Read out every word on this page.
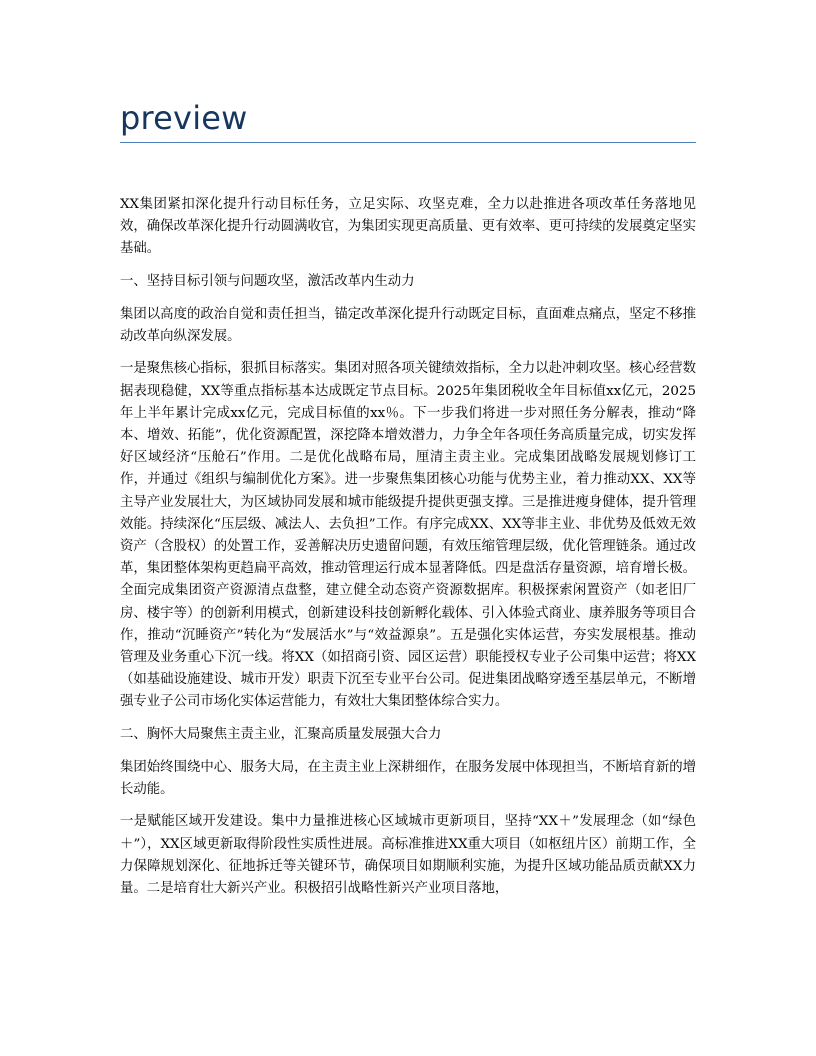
preview

XX集团紧扣深化提升行动目标任务，立足实际、攻坚克难，全力以赴推进各项改革任务落地见效，确保改革深化提升行动圆满收官，为集团实现更高质量、更有效率、更可持续的发展奠定坚实基础。

一、坚持目标引领与问题攻坚，激活改革内生动力

集团以高度的政治自觉和责任担当，锚定改革深化提升行动既定目标，直面难点痛点，坚定不移推动改革向纵深发展。

一是聚焦核心指标，狠抓目标落实。集团对照各项关键绩效指标，全力以赴冲刺攻坚。核心经营数据表现稳健，XX等重点指标基本达成既定节点目标。2025年集团税收全年目标值xx亿元，2025年上半年累计完成xx亿元，完成目标值的xx％。下一步我们将进一步对照任务分解表，推动“降本、增效、拓能”，优化资源配置，深挖降本增效潜力，力争全年各项任务高质量完成，切实发挥好区域经济“压舱石”作用。二是优化战略布局，厘清主责主业。完成集团战略发展规划修订工作，并通过《组织与编制优化方案》。进一步聚焦集团核心功能与优势主业，着力推动XX、XX等主导产业发展壮大，为区域协同发展和城市能级提升提供更强支撑。三是推进瘦身健体，提升管理效能。持续深化“压层级、减法人、去负担”工作。有序完成XX、XX等非主业、非优势及低效无效资产（含股权）的处置工作，妥善解决历史遗留问题，有效压缩管理层级，优化管理链条。通过改革，集团整体架构更趋扁平高效，推动管理运行成本显著降低。四是盘活存量资源，培育增长极。全面完成集团资产资源清点盘整，建立健全动态资产资源数据库。积极探索闲置资产（如老旧厂房、楼宇等）的创新利用模式，创新建设科技创新孵化载体、引入体验式商业、康养服务等项目合作，推动“沉睡资产”转化为“发展活水”与“效益源泉”。五是强化实体运营，夯实发展根基。推动管理及业务重心下沉一线。将XX（如招商引资、园区运营）职能授权专业子公司集中运营；将XX（如基础设施建设、城市开发）职责下沉至专业平台公司。促进集团战略穿透至基层单元，不断增强专业子公司市场化实体运营能力，有效壮大集团整体综合实力。

二、胸怀大局聚焦主责主业，汇聚高质量发展强大合力

集团始终围绕中心、服务大局，在主责主业上深耕细作，在服务发展中体现担当，不断培育新的增长动能。

一是赋能区域开发建设。集中力量推进核心区域城市更新项目，坚持“XX＋”发展理念（如“绿色＋”），XX区域更新取得阶段性实质性进展。高标准推进XX重大项目（如枢纽片区）前期工作，全力保障规划深化、征地拆迁等关键环节，确保项目如期顺利实施，为提升区域功能品质贡献XX力量。二是培育壮大新兴产业。积极招引战略性新兴产业项目落地，
